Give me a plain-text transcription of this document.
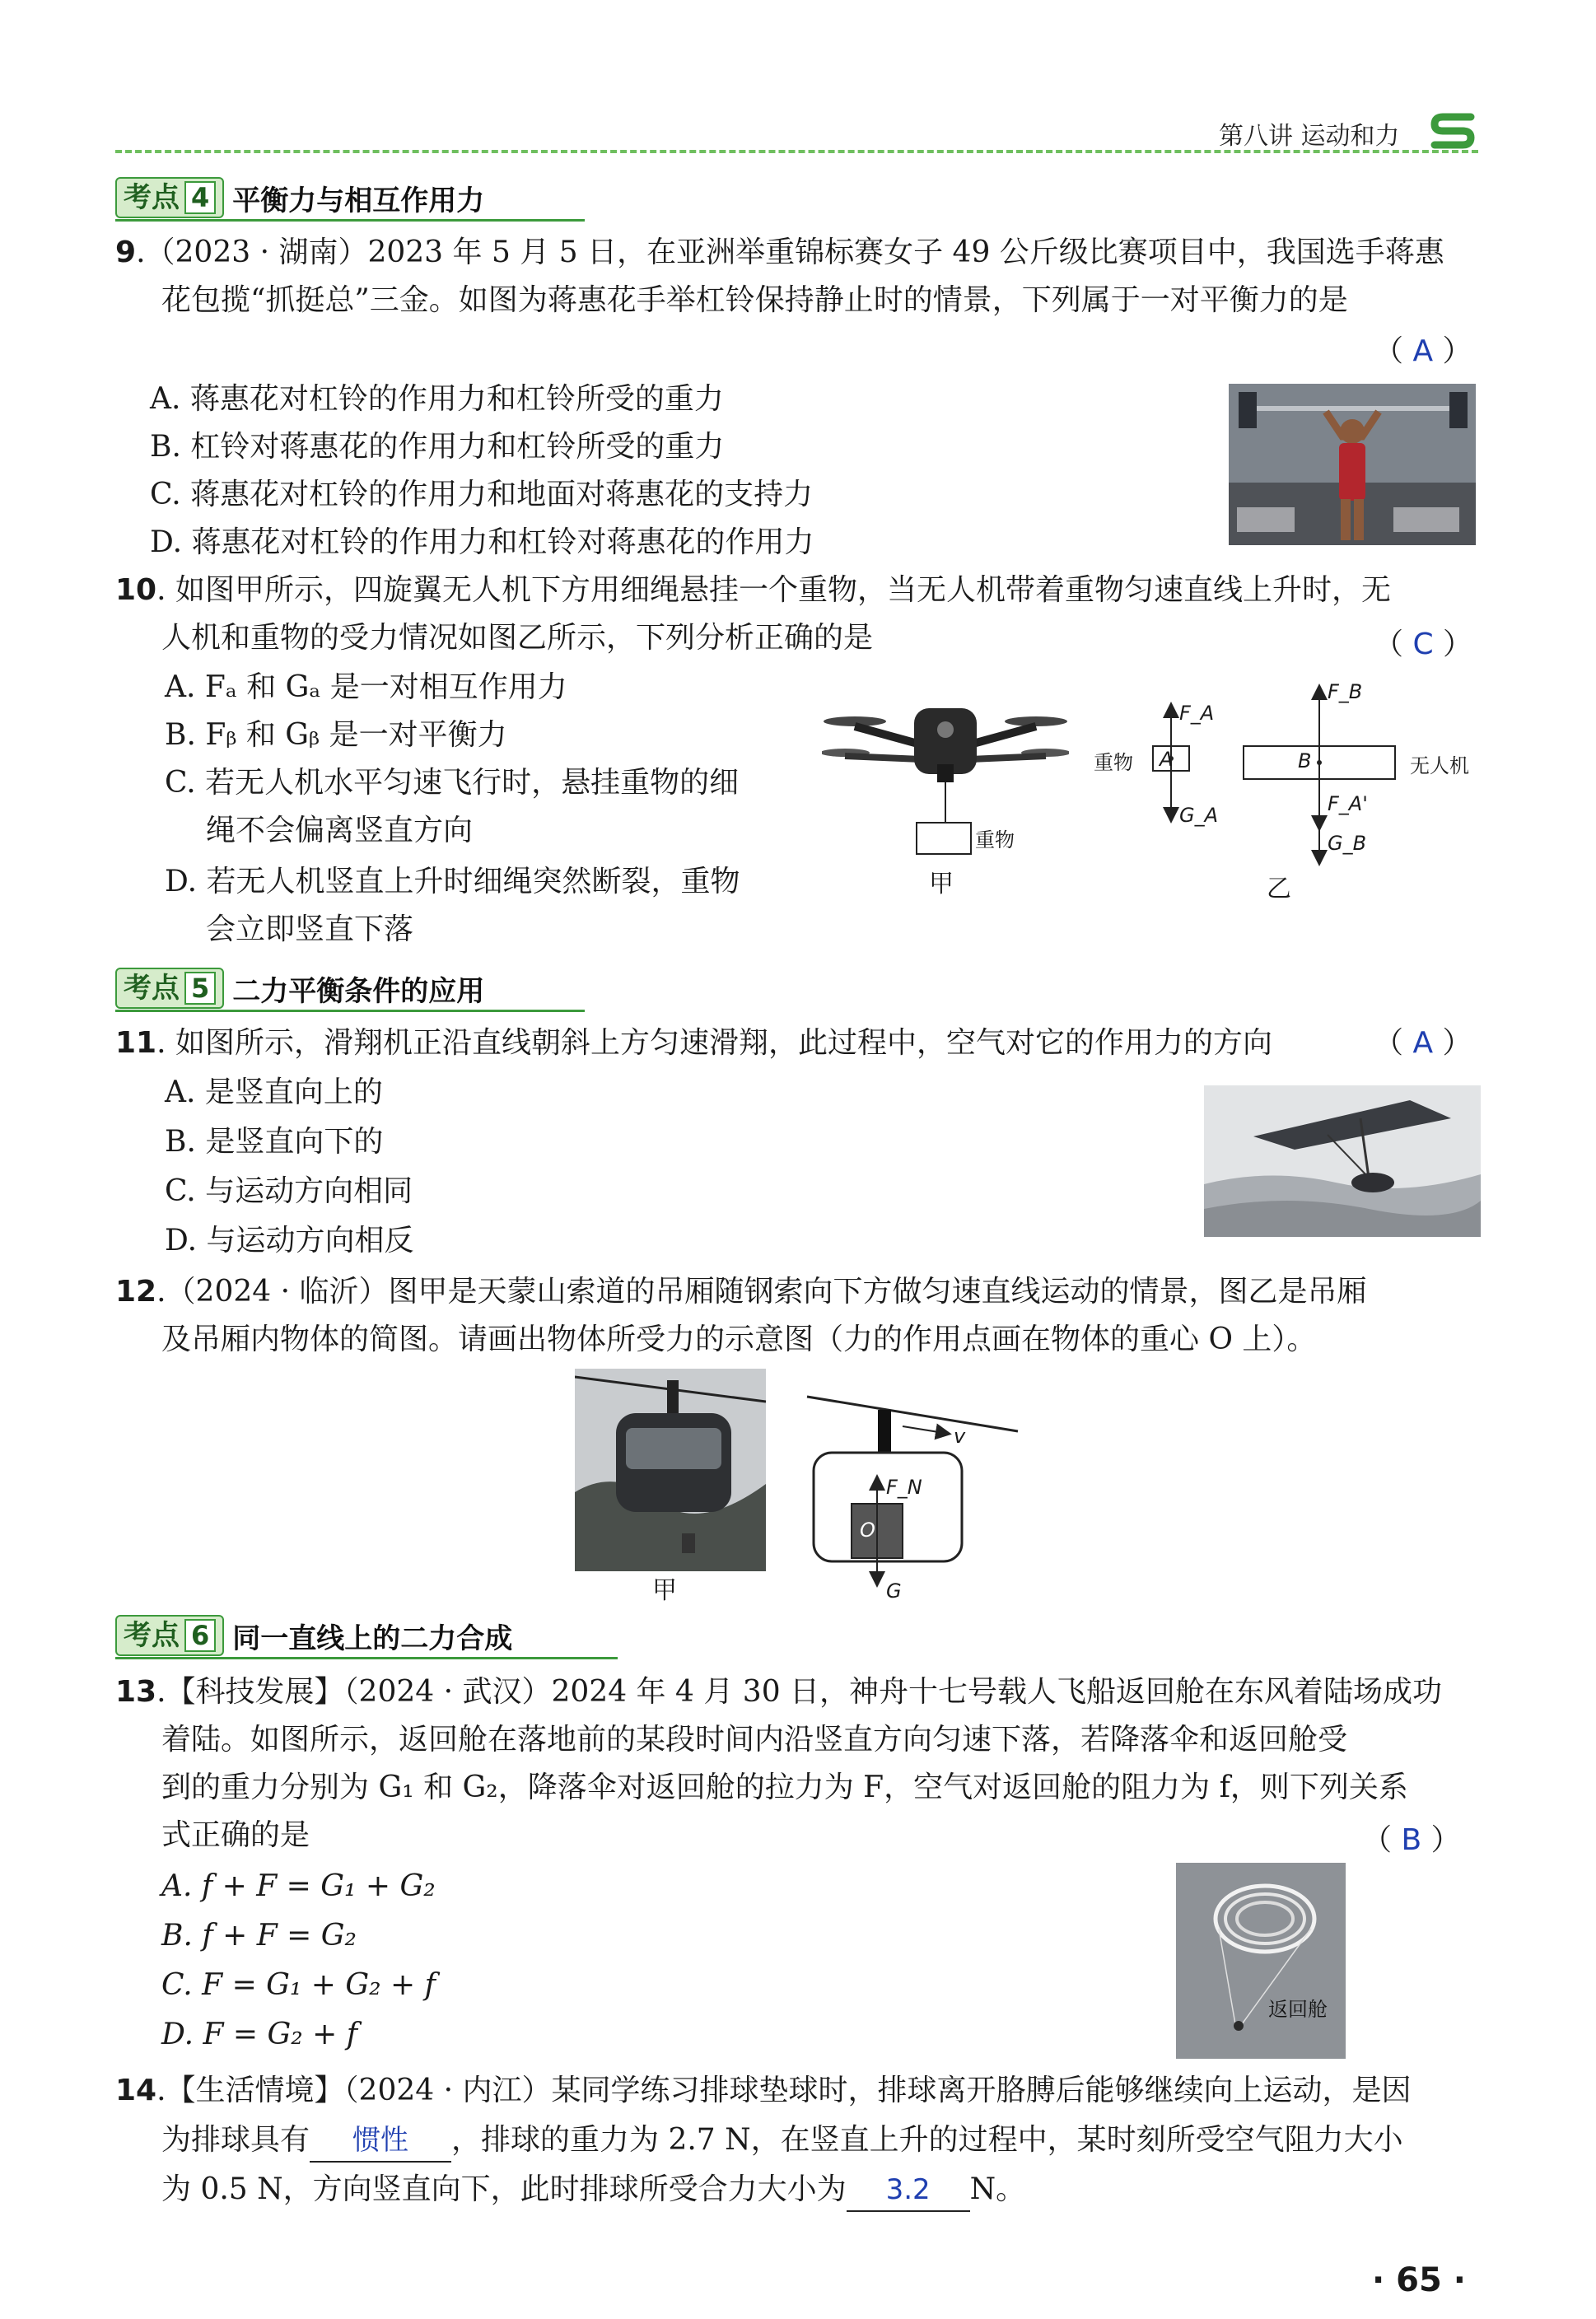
第八讲 运动和力
考点 4 平衡力与相互作用力
9.（2023 · 湖南）2023 年 5 月 5 日，在亚洲举重锦标赛女子 49 公斤级比赛项目中，我国选手蒋惠
花包揽“抓挺总”三金。如图为蒋惠花手举杠铃保持静止时的情景，下列属于一对平衡力的是
（ A ）
A. 蒋惠花对杠铃的作用力和杠铃所受的重力
B. 杠铃对蒋惠花的作用力和杠铃所受的重力
C. 蒋惠花对杠铃的作用力和地面对蒋惠花的支持力
D. 蒋惠花对杠铃的作用力和杠铃对蒋惠花的作用力
10. 如图甲所示，四旋翼无人机下方用细绳悬挂一个重物，当无人机带着重物匀速直线上升时，无
人机和重物的受力情况如图乙所示，下列分析正确的是	（ C ）
A. Fₐ 和 Gₐ 是一对相互作用力
B. Fᵦ 和 Gᵦ 是一对平衡力
C. 若无人机水平匀速飞行时，悬挂重物的细
绳不会偏离竖直方向
D. 若无人机竖直上升时细绳突然断裂，重物
会立即竖直下落
重物
甲
重物 A
F_A
G_A
B
F_B
F_A'
G_B
无人机
乙
考点 5 二力平衡条件的应用
11. 如图所示，滑翔机正沿直线朝斜上方匀速滑翔，此过程中，空气对它的作用力的方向	（ A ）
A. 是竖直向上的
B. 是竖直向下的
C. 与运动方向相同
D. 与运动方向相反
12.（2024 · 临沂）图甲是天蒙山索道的吊厢随钢索向下方做匀速直线运动的情景，图乙是吊厢
及吊厢内物体的简图。请画出物体所受力的示意图（力的作用点画在物体的重心 O 上）。
甲
v
F_N
O
G
考点 6 同一直线上的二力合成
13.【科技发展】（2024 · 武汉）2024 年 4 月 30 日，神舟十七号载人飞船返回舱在东风着陆场成功
着陆。如图所示，返回舱在落地前的某段时间内沿竖直方向匀速下落，若降落伞和返回舱受
到的重力分别为 G₁ 和 G₂，降落伞对返回舱的拉力为 F，空气对返回舱的阻力为 f，则下列关系
式正确的是	（ B ）
A. f + F = G₁ + G₂
B. f + F = G₂
C. F = G₁ + G₂ + f
D. F = G₂ + f
返回舱
14.【生活情境】（2024 · 内江）某同学练习排球垫球时，排球离开胳膊后能够继续向上运动，是因
为排球具有 惯性 ，排球的重力为 2.7 N，在竖直上升的过程中，某时刻所受空气阻力大小
为 0.5 N，方向竖直向下，此时排球所受合力大小为 3.2 N。
· 65 ·
